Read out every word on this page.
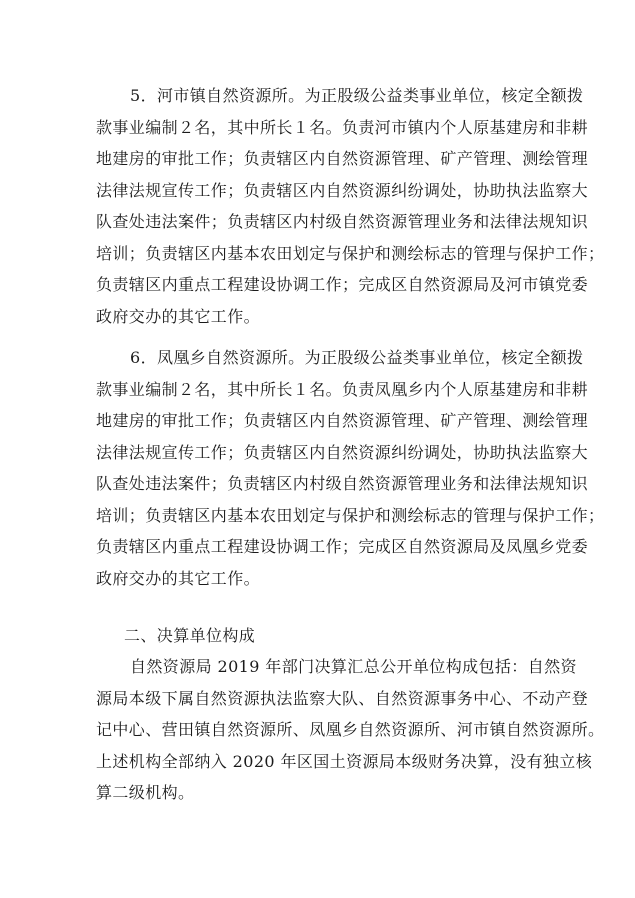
5．河市镇自然资源所。为正股级公益类事业单位，核定全额拨
款事业编制２名，其中所长１名。负责河市镇内个人原基建房和非耕
地建房的审批工作；负责辖区内自然资源管理、矿产管理、测绘管理
法律法规宣传工作；负责辖区内自然资源纠纷调处，协助执法监察大
队查处违法案件；负责辖区内村级自然资源管理业务和法律法规知识
培训；负责辖区内基本农田划定与保护和测绘标志的管理与保护工作；
负责辖区内重点工程建设协调工作；完成区自然资源局及河市镇党委
政府交办的其它工作。
6．凤凰乡自然资源所。为正股级公益类事业单位，核定全额拨
款事业编制２名，其中所长１名。负责凤凰乡内个人原基建房和非耕
地建房的审批工作；负责辖区内自然资源管理、矿产管理、测绘管理
法律法规宣传工作；负责辖区内自然资源纠纷调处，协助执法监察大
队查处违法案件；负责辖区内村级自然资源管理业务和法律法规知识
培训；负责辖区内基本农田划定与保护和测绘标志的管理与保护工作；
负责辖区内重点工程建设协调工作；完成区自然资源局及凤凰乡党委
政府交办的其它工作。
二、决算单位构成
自然资源局 2019 年部门决算汇总公开单位构成包括：自然资
源局本级下属自然资源执法监察大队、自然资源事务中心、不动产登
记中心、营田镇自然资源所、凤凰乡自然资源所、河市镇自然资源所。
上述机构全部纳入 2020 年区国土资源局本级财务决算，没有独立核
算二级机构。
